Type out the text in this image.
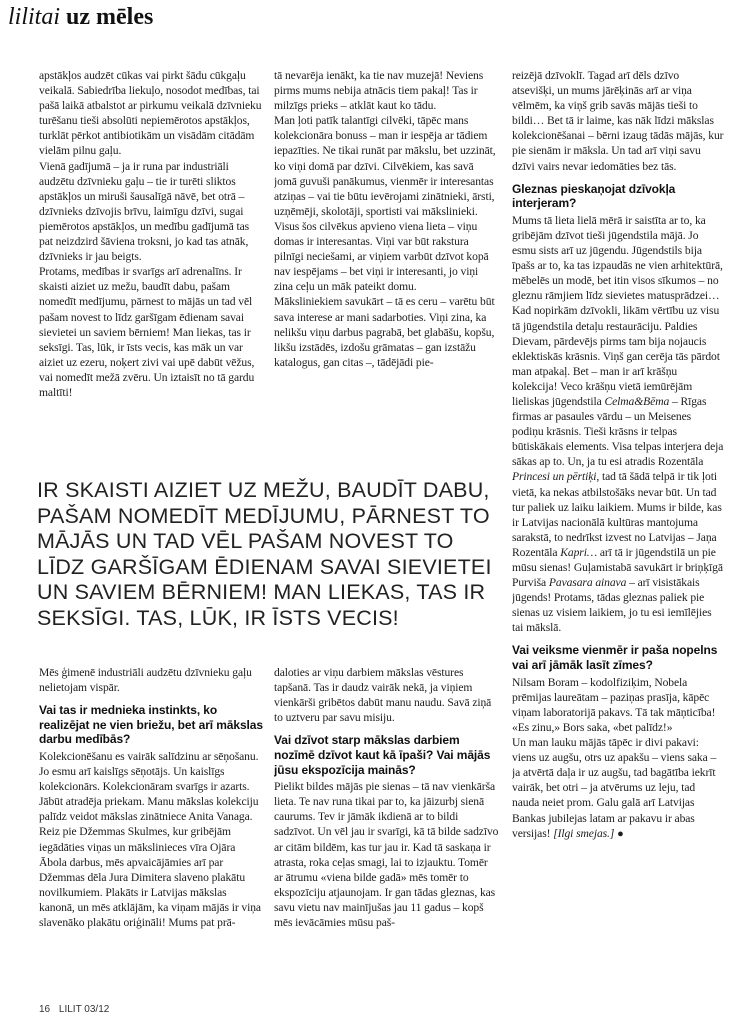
lilitai uz mēles

apstākļos audzēt cūkas vai pirkt šādu cūkgaļu veikalā. Sabiedrība liekuļo, nosodot medības, tai pašā laikā atbalstot ar pirkumu veikalā dzīvnieku turēšanu tieši absolūti nepiemērotos apstākļos, turklāt pērkot antibiotikām un visādām citādām vielām pilnu gaļu.

Vienā gadījumā – ja ir runa par industriāli audzētu dzīvnieku gaļu – tie ir turēti sliktos apstākļos un miruši šausalīgā nāvē, bet otrā – dzīvnieks dzīvojis brīvu, laimīgu dzīvi, sugai piemērotos apstākļos, un medību gadījumā tas pat neizdzird šāviena troksni, jo kad tas atnāk, dzīvnieks ir jau beigts.

Protams, medības ir svarīgs arī adrenalīns. Ir skaisti aiziet uz mežu, baudīt dabu, pašam nomedīt medījumu, pārnest to mājās un tad vēl pašam novest to līdz garšīgam ēdienam savai sievietei un saviem bērniem! Man liekas, tas ir seksīgi. Tas, lūk, ir īsts vecis, kas māk un var aiziet uz ezeru, noķert zivi vai upē dabūt vēžus, vai nomedīt mežā zvēru. Un iztaisīt no tā gardu maltīti!

tā nevarēja ienākt, ka tie nav muzejā! Neviens pirms mums nebija atnācis tiem pakaļ! Tas ir milzīgs prieks – atklāt kaut ko tādu.

Man ļoti patīk talantīgi cilvēki, tāpēc mans kolekcionāra bonuss – man ir iespēja ar tādiem iepazīties. Ne tikai runāt par mākslu, bet uzzināt, ko viņi domā par dzīvi. Cilvēkiem, kas savā jomā guvuši panākumus, vienmēr ir interesantas atziņas – vai tie būtu ievērojami zinātnieki, ārsti, uzņēmēji, skolotāji, sportisti vai mākslinieki. Visus šos cilvēkus apvieno viena lieta – viņu domas ir interesantas. Viņi var būt rakstura pilnīgi neciešami, ar viņiem varbūt dzīvot kopā nav iespējams – bet viņi ir interesanti, jo viņi zina ceļu un māk pateikt domu.

Māksliniekiem savukārt – tā es ceru – varētu būt sava interese ar mani sadarboties. Viņi zina, ka nelikšu viņu darbus pagrabā, bet glabāšu, kopšu, likšu izstādēs, izdošu grāmatas – gan izstāžu katalogus, gan citas –, tādējādi pie-

reizējā dzīvoklī. Tagad arī dēls dzīvo atsevišķi, un mums jārēķinās arī ar viņa vēlmēm, ka viņš grib savās mājās tieši to bildi… Bet tā ir laime, kas nāk līdzi mākslas kolekcionēšanai – bērni izaug tādās mājās, kur pie sienām ir māksla. Un tad arī viņi savu dzīvi vairs nevar iedomāties bez tās.

Gleznas pieskaņojat dzīvokļa interjeram?

Mums tā lieta lielā mērā ir saistīta ar to, ka gribējām dzīvot tieši jūgendstila mājā. Jo esmu sists arī uz jūgendu. Jūgendstils bija īpašs ar to, ka tas izpaudās ne vien arhitektūrā, mēbelēs un modē, bet itin visos sīkumos – no gleznu rāmjiem līdz sievietes matusprādzei… Kad nopirkām dzīvokli, likām vērtību uz visu tā jūgendstila detaļu restaurāciju. Paldies Dievam, pārdevējs pirms tam bija nojaucis eklektiskās krāsnis. Viņš gan cerēja tās pārdot man atpakaļ. Bet – man ir arī krāšņu kolekcija! Veco krāšņu vietā iemūrējām lieliskas jūgendstila Celma&Bēma – Rīgas firmas ar pasaules vārdu – un Meisenes podiņu krāsnis. Tieši krāsns ir telpas būtiskākais elements. Visa telpas interjera deja sākas ap to. Un, ja tu esi atradis Rozentāla Princesi un pērtiķi, tad tā šādā telpā ir tik ļoti vietā, ka nekas atbilstošāks nevar būt. Un tad tur paliek uz laiku laikiem. Mums ir bilde, kas ir Latvijas nacionālā kultūras mantojuma sarakstā, to nedrīkst izvest no Latvijas – Jaņa Rozentāla Kapri… arī tā ir jūgendstilā un pie mūsu sienas! Guļamistabā savukārt ir briņķīgā Purviša Pavasara ainava – arī visistākais jūgends! Protams, tādas gleznas paliek pie sienas uz visiem laikiem, jo tu esi iemīlējies tai mākslā.

Vai veiksme vienmēr ir paša nopelns vai arī jāmāk lasīt zīmes?

Nilsam Boram – kodolfiziķim, Nobela prēmijas laureātam – paziņas prasīja, kāpēc viņam laboratorijā pakavs. Tā tak māņticība! «Es zinu,» Bors saka, «bet palīdz!»

Un man lauku mājās tāpēc ir divi pakavi: viens uz augšu, otrs uz apakšu – viens saka – ja atvērtā daļa ir uz augšu, tad bagātība iekrīt vairāk, bet otri – ja atvērums uz leju, tad nauda neiet prom. Galu galā arī Latvijas Bankas jubilejas latam ar pakavu ir abas versijas! [Ilgi smejas.] ●

IR SKAISTI AIZIET UZ MEŽU, BAUDĪT DABU, PAŠAM NOMEDĪT MEDĪJUMU, PĀRNEST TO MĀJĀS UN TAD VĒL PAŠAM NOVEST TO LĪDZ GARŠĪGAM ĒDIENAM SAVAI SIEVIETEI UN SAVIEM BĒRNIEM! MAN LIEKAS, TAS IR SEKSĪGI. TAS, LŪK, IR ĪSTS VECIS!

Mēs ģimenē industriāli audzētu dzīvnieku gaļu nelietojam vispār.

Vai tas ir mednieka instinkts, ko realizējat ne vien briežu, bet arī mākslas darbu medībās?

Kolekcionēšanu es vairāk salīdzinu ar sēņošanu. Jo esmu arī kaislīgs sēņotājs. Un kaislīgs kolekcionārs. Kolekcionāram svarīgs ir azarts. Jābūt atradēja priekam. Manu mākslas kolekciju palīdz veidot mākslas zinātniece Anita Vanaga. Reiz pie Džemmas Skulmes, kur gribējām iegādāties viņas un mākslinieces vīra Ojāra Ābola darbus, mēs apvaicājāmies arī par Džemmas dēla Jura Dimitera slaveno plakātu novilkumiem. Plakāts ir Latvijas mākslas kanonā, un mēs atklājām, ka viņam mājās ir viņa slavenāko plakātu oriģināli! Mums pat prā-

daloties ar viņu darbiem mākslas vēstures tapšanā. Tas ir daudz vairāk nekā, ja viņiem vienkārši gribētos dabūt manu naudu. Savā ziņā to uztveru par savu misiju.

Vai dzīvot starp mākslas darbiem nozīmē dzīvot kaut kā īpaši? Vai mājās jūsu ekspozīcija mainās?

Pielikt bildes mājās pie sienas – tā nav vienkārša lieta. Te nav runa tikai par to, ka jāizurbj sienā caurums. Tev ir jāmāk ikdienā ar to bildi sadzīvot. Un vēl jau ir svarīgi, kā tā bilde sadzīvo ar citām bildēm, kas tur jau ir. Kad tā saskaņa ir atrasta, roka ceļas smagi, lai to izjauktu. Tomēr ar ātrumu «viena bilde gadā» mēs tomēr to ekspozīciju atjaunojam. Ir gan tādas gleznas, kas savu vietu nav mainījušas jau 11 gadus – kopš mēs ievācāmies mūsu paš-

16 LILIT 03/12
